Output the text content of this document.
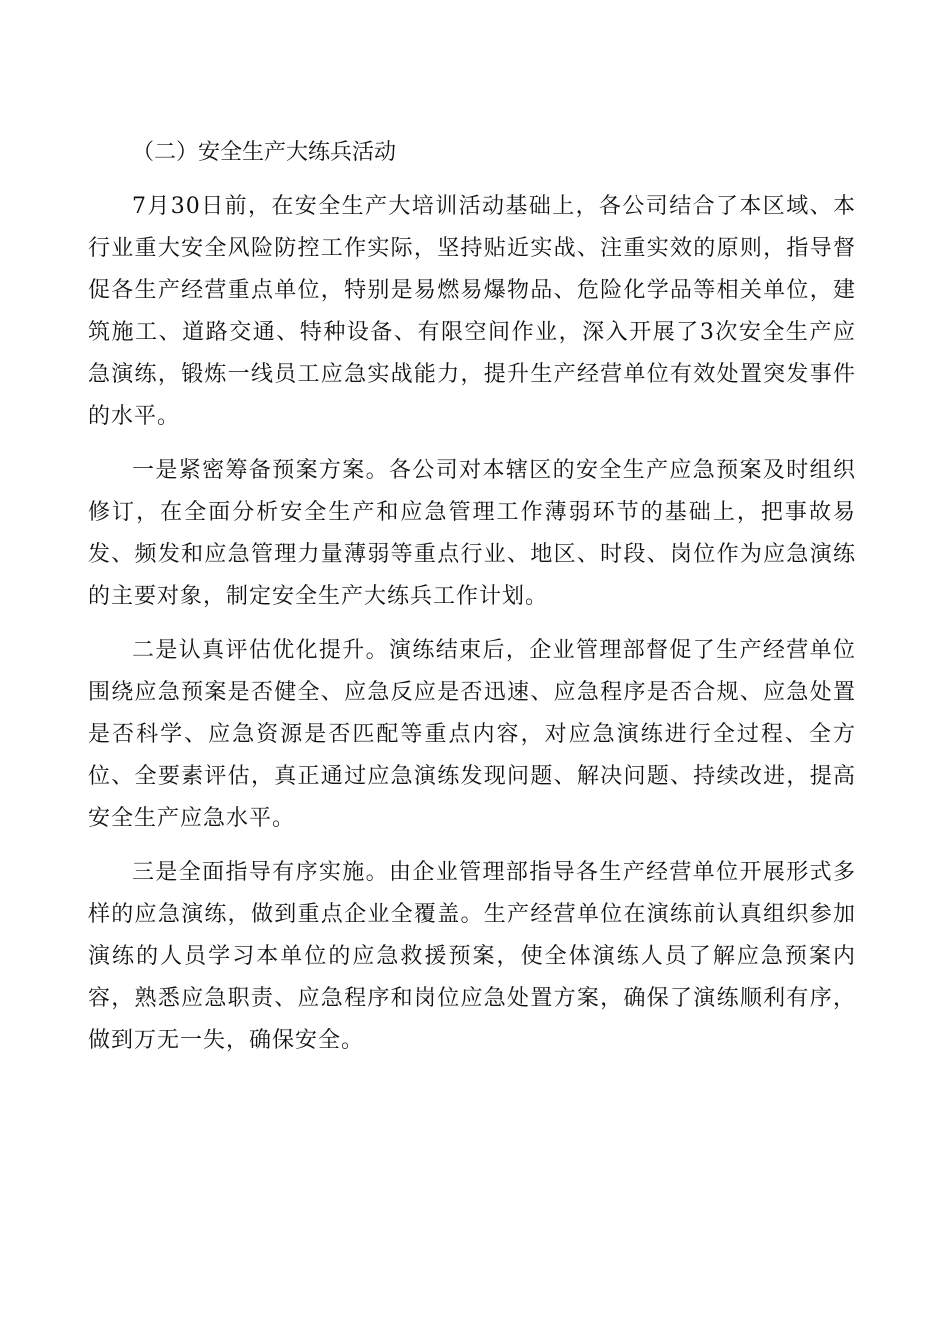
（二）安全生产大练兵活动

7月30日前，在安全生产大培训活动基础上，各公司结合了本区域、本行业重大安全风险防控工作实际，坚持贴近实战、注重实效的原则，指导督促各生产经营重点单位，特别是易燃易爆物品、危险化学品等相关单位，建筑施工、道路交通、特种设备、有限空间作业，深入开展了3次安全生产应急演练，锻炼一线员工应急实战能力，提升生产经营单位有效处置突发事件的水平。

一是紧密筹备预案方案。各公司对本辖区的安全生产应急预案及时组织修订，在全面分析安全生产和应急管理工作薄弱环节的基础上，把事故易发、频发和应急管理力量薄弱等重点行业、地区、时段、岗位作为应急演练的主要对象，制定安全生产大练兵工作计划。

二是认真评估优化提升。演练结束后，企业管理部督促了生产经营单位围绕应急预案是否健全、应急反应是否迅速、应急程序是否合规、应急处置是否科学、应急资源是否匹配等重点内容，对应急演练进行全过程、全方位、全要素评估，真正通过应急演练发现问题、解决问题、持续改进，提高安全生产应急水平。

三是全面指导有序实施。由企业管理部指导各生产经营单位开展形式多样的应急演练，做到重点企业全覆盖。生产经营单位在演练前认真组织参加演练的人员学习本单位的应急救援预案，使全体演练人员了解应急预案内容，熟悉应急职责、应急程序和岗位应急处置方案，确保了演练顺利有序，做到万无一失，确保安全。
